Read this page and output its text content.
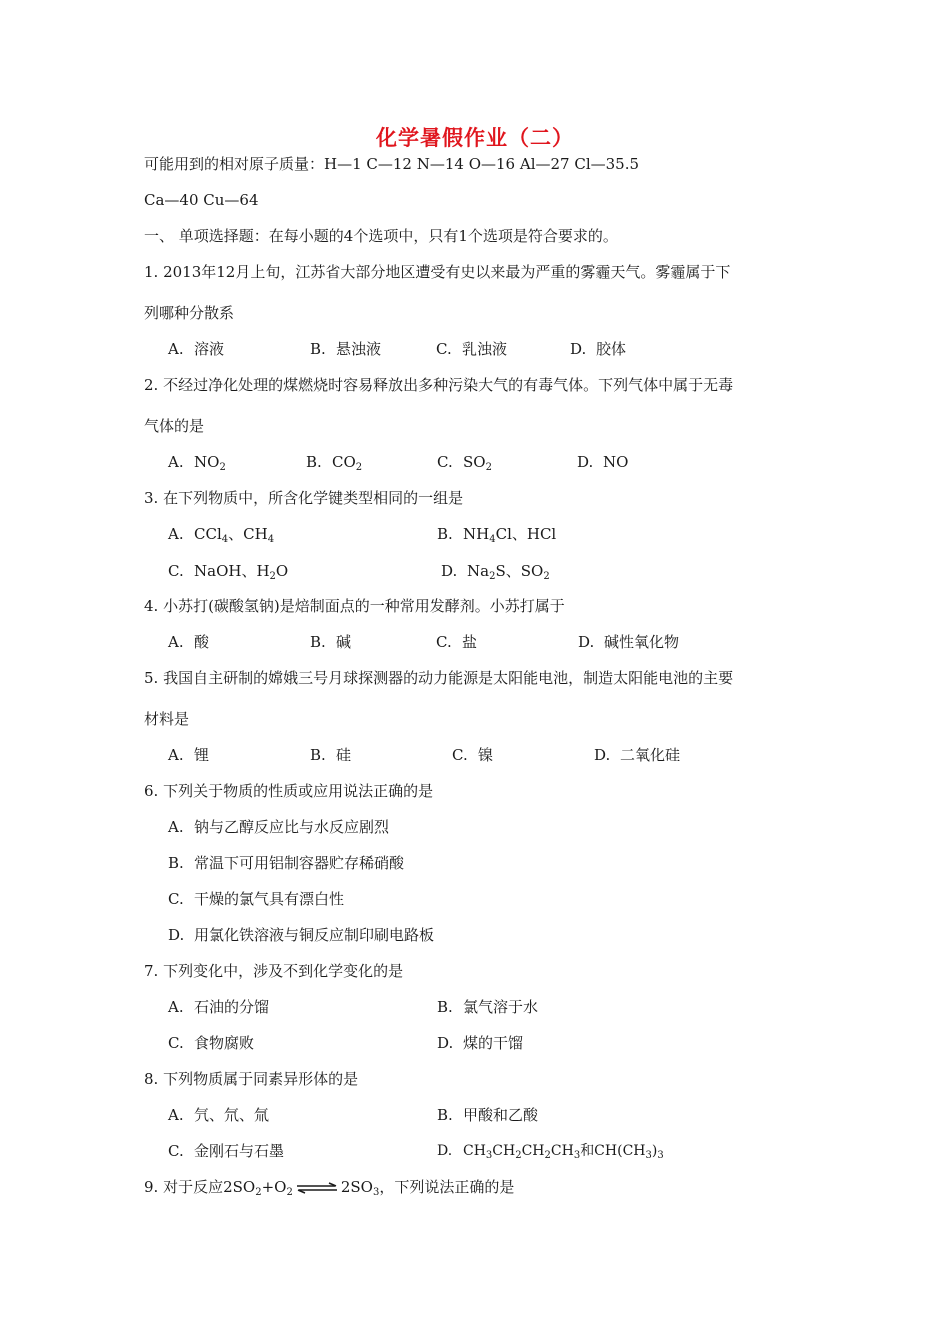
化学暑假作业（二）
可能用到的相对原子质量：H—1 C—12 N—14 O—16 Al—27 Cl—35.5
Ca—40 Cu—64
一、 单项选择题：在每小题的4个选项中，只有1个选项是符合要求的。
1. 2013年12月上旬，江苏省大部分地区遭受有史以来最为严重的雾霾天气。雾霾属于下
列哪种分散系
A. 溶液	B. 悬浊液	C. 乳浊液	D. 胶体
2. 不经过净化处理的煤燃烧时容易释放出多种污染大气的有毒气体。下列气体中属于无毒
气体的是
A. $NO_2$	B. $CO_2$	C. $SO_2$	D. NO
3. 在下列物质中，所含化学键类型相同的一组是
A. CCl$_4$、$CH_4$	B. $NH_4Cl$、HCl
C. NaOH、$H_2O$	D. $Na_2S$、$SO_2$
4. 小苏打(碳酸氢钠)是焙制面点的一种常用发酵剂。小苏打属于
A. 酸	B. 碱	C. 盐	D. 碱性氧化物
5. 我国自主研制的嫦娥三号月球探测器的动力能源是太阳能电池，制造太阳能电池的主要
材料是
A. 锂	B. 硅	C. 镍	D. 二氧化硅
6. 下列关于物质的性质或应用说法正确的是
A. 钠与乙醇反应比与水反应剧烈
B. 常温下可用铝制容器贮存稀硝酸
C. 干燥的氯气具有漂白性
D. 用氯化铁溶液与铜反应制印刷电路板
7. 下列变化中，涉及不到化学变化的是
A. 石油的分馏	B. 氯气溶于水
C. 食物腐败	D. 煤的干馏
8. 下列物质属于同素异形体的是
A. 氕、氘、氚	B. 甲酸和乙酸
C. 金刚石与石墨	D. $CH_3CH_2CH_2CH_3$和$CH(CH_3)_3$
9. 对于反应$2SO_2+O_2$ ⇌ $2SO_3$，下列说法正确的是
